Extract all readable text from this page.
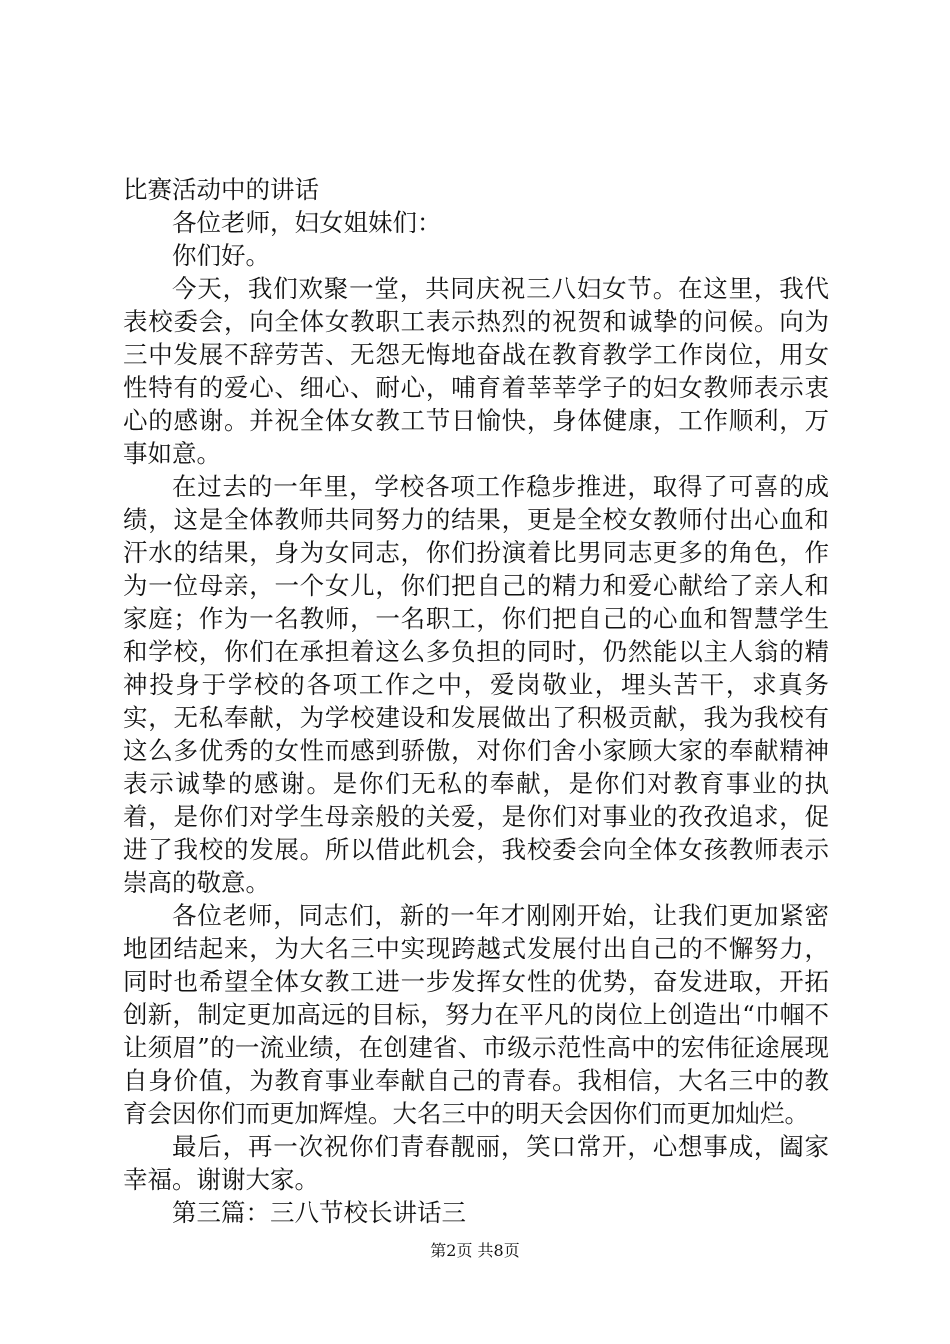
比赛活动中的讲话

各位老师，妇女姐妹们：

你们好。

今天，我们欢聚一堂，共同庆祝三八妇女节。在这里，我代表校委会，向全体女教职工表示热烈的祝贺和诚挚的问候。向为三中发展不辞劳苦、无怨无悔地奋战在教育教学工作岗位，用女性特有的爱心、细心、耐心，哺育着莘莘学子的妇女教师表示衷心的感谢。并祝全体女教工节日愉快，身体健康，工作顺利，万事如意。

在过去的一年里，学校各项工作稳步推进，取得了可喜的成绩，这是全体教师共同努力的结果，更是全校女教师付出心血和汗水的结果，身为女同志，你们扮演着比男同志更多的角色，作为一位母亲，一个女儿，你们把自己的精力和爱心献给了亲人和家庭；作为一名教师，一名职工，你们把自己的心血和智慧学生和学校，你们在承担着这么多负担的同时，仍然能以主人翁的精神投身于学校的各项工作之中，爱岗敬业，埋头苦干，求真务实，无私奉献，为学校建设和发展做出了积极贡献，我为我校有这么多优秀的女性而感到骄傲，对你们舍小家顾大家的奉献精神表示诚挚的感谢。是你们无私的奉献，是你们对教育事业的执着，是你们对学生母亲般的关爱，是你们对事业的孜孜追求，促进了我校的发展。所以借此机会，我校委会向全体女孩教师表示崇高的敬意。

各位老师，同志们，新的一年才刚刚开始，让我们更加紧密地团结起来，为大名三中实现跨越式发展付出自己的不懈努力，同时也希望全体女教工进一步发挥女性的优势，奋发进取，开拓创新，制定更加高远的目标，努力在平凡的岗位上创造出“巾帼不让须眉”的一流业绩，在创建省、市级示范性高中的宏伟征途展现自身价值，为教育事业奉献自己的青春。我相信，大名三中的教育会因你们而更加辉煌。大名三中的明天会因你们而更加灿烂。

最后，再一次祝你们青春靓丽，笑口常开，心想事成，阖家幸福。谢谢大家。

第三篇：三八节校长讲话三

第2页 共8页
